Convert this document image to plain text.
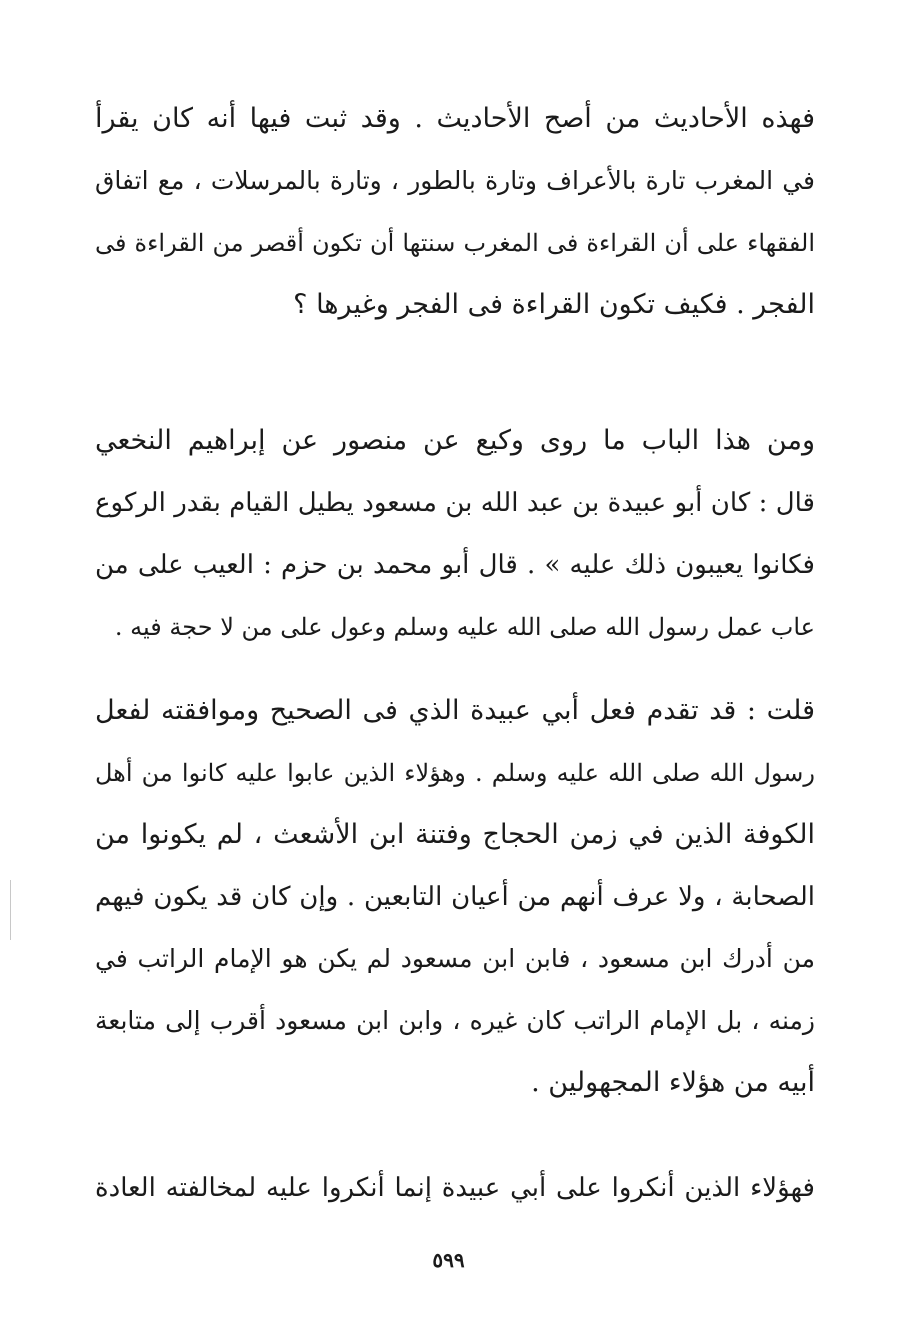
فهذه الأحاديث من أصح الأحاديث . وقد ثبت فيها أنه كان يقرأ
في المغرب تارة بالأعراف وتارة بالطور ، وتارة بالمرسلات ، مع اتفاق
الفقهاء على أن القراءة فى المغرب سنتها أن تكون أقصر من القراءة فى
الفجر . فكيف تكون القراءة فى الفجر وغيرها ؟
ومن هذا الباب ما روى وكيع عن منصور عن إبراهيم النخعي
قال : كان أبو عبيدة بن عبد الله بن مسعود يطيل القيام بقدر الركوع
فكانوا يعيبون ذلك عليه » . قال أبو محمد بن حزم : العيب على من
عاب عمل رسول الله صلى الله عليه وسلم وعول على من لا حجة فيه .
قلت : قد تقدم فعل أبي عبيدة الذي فى الصحيح وموافقته لفعل
رسول الله صلى الله عليه وسلم . وهؤلاء الذين عابوا عليه كانوا من أهل
الكوفة الذين في زمن الحجاج وفتنة ابن الأشعث ، لم يكونوا من
الصحابة ، ولا عرف أنهم من أعيان التابعين . وإن كان قد يكون فيهم
من أدرك ابن مسعود ، فابن ابن مسعود لم يكن هو الإمام الراتب في
زمنه ، بل الإمام الراتب كان غيره ، وابن ابن مسعود أقرب إلى متابعة
أبيه من هؤلاء المجهولين .
فهؤلاء الذين أنكروا على أبي عبيدة إنما أنكروا عليه لمخالفته العادة
٥٩٩
